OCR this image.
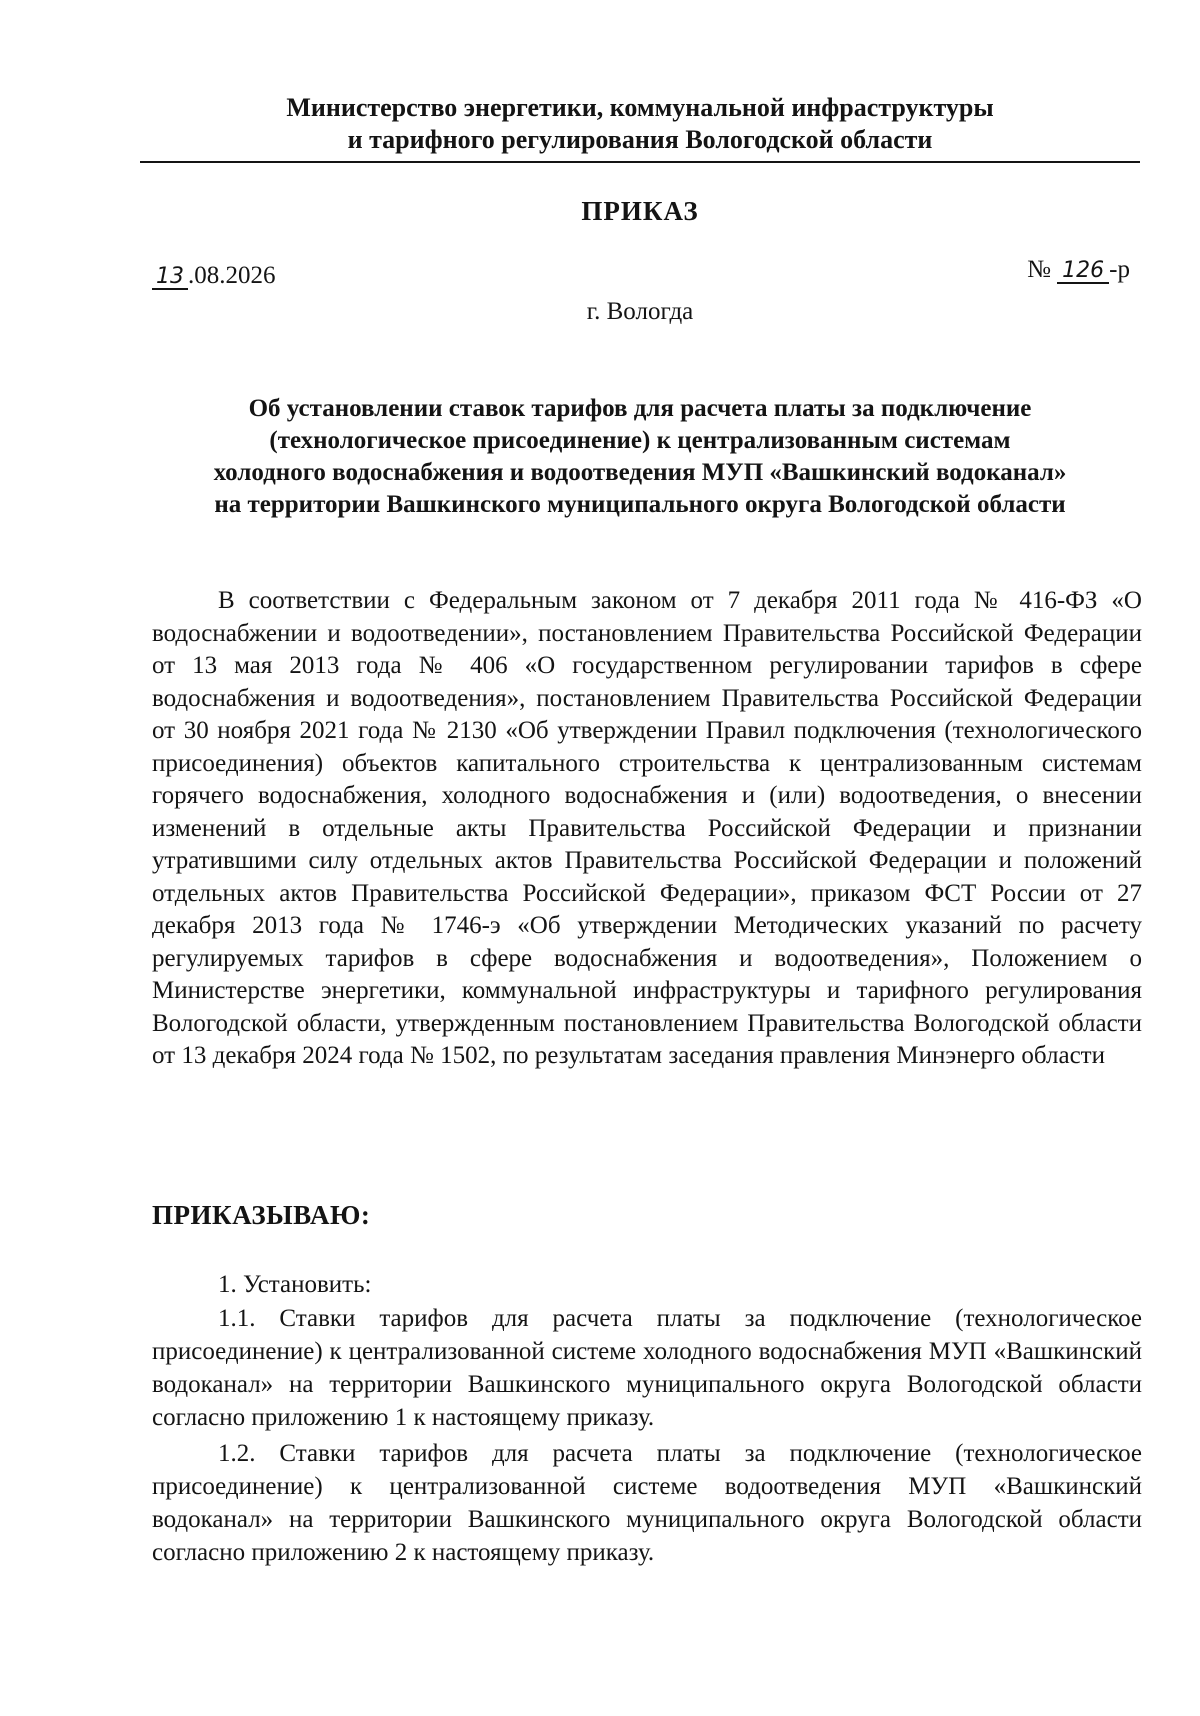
Министерство энергетики, коммунальной инфраструктуры
и тарифного регулирования Вологодской области
ПРИКАЗ
13 .08.2026	№ 126 -р
г. Вологда
Об установлении ставок тарифов для расчета платы за подключение
(технологическое присоединение) к централизованным системам
холодного водоснабжения и водоотведения МУП «Вашкинский водоканал»
на территории Вашкинского муниципального округа Вологодской области

В соответствии с Федеральным законом от 7 декабря 2011 года № 416-ФЗ «О водоснабжении и водоотведении», постановлением Правительства Российской Федерации от 13 мая 2013 года № 406 «О государственном регулировании тарифов в сфере водоснабжения и водоотведения», постановлением Правительства Российской Федерации от 30 ноября 2021 года № 2130 «Об утверждении Правил подключения (технологического присоединения) объектов капитального строительства к централизованным системам горячего водоснабжения, холодного водоснабжения и (или) водоотведения, о внесении изменений в отдельные акты Правительства Российской Федерации и признании утратившими силу отдельных актов Правительства Российской Федерации и положений отдельных актов Правительства Российской Федерации», приказом ФСТ России от 27 декабря 2013 года № 1746-э «Об утверждении Методических указаний по расчету регулируемых тарифов в сфере водоснабжения и водоотведения», Положением о Министерстве энергетики, коммунальной инфраструктуры и тарифного регулирования Вологодской области, утвержденным постановлением Правительства Вологодской области от 13 декабря 2024 года № 1502, по результатам заседания правления Минэнерго области

ПРИКАЗЫВАЮ:

1. Установить:

1.1. Ставки тарифов для расчета платы за подключение (технологическое присоединение) к централизованной системе холодного водоснабжения МУП «Вашкинский водоканал» на территории Вашкинского муниципального округа Вологодской области согласно приложению 1 к настоящему приказу.

1.2. Ставки тарифов для расчета платы за подключение (технологическое присоединение) к централизованной системе водоотведения МУП «Вашкинский водоканал» на территории Вашкинского муниципального округа Вологодской области согласно приложению 2 к настоящему приказу.
